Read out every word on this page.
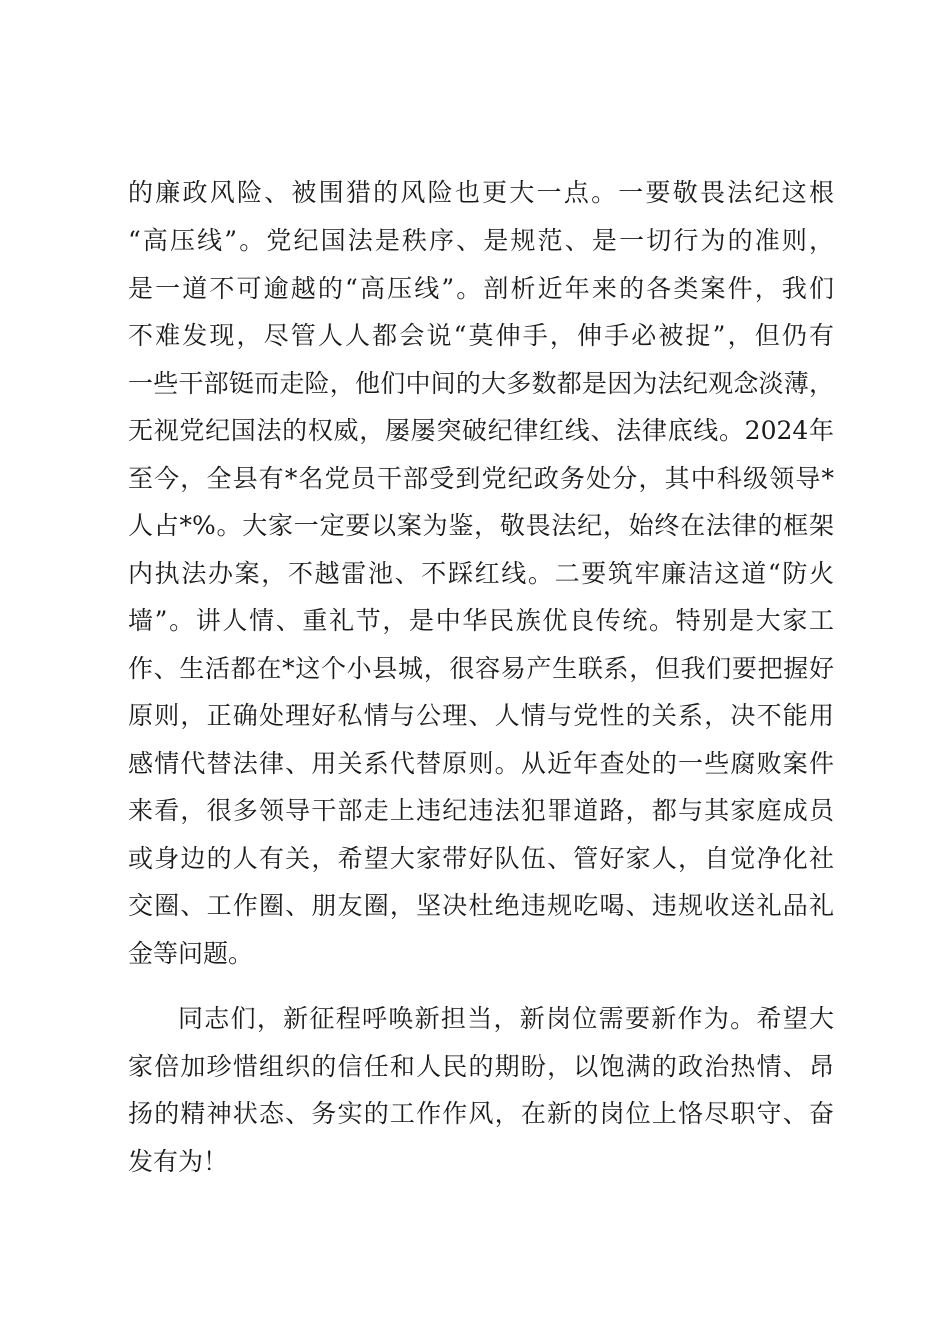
的廉政风险、被围猎的风险也更大一点。一要敬畏法纪这根
“高压线”。党纪国法是秩序、是规范、是一切行为的准则，
是一道不可逾越的“高压线”。剖析近年来的各类案件，我们
不难发现，尽管人人都会说“莫伸手，伸手必被捉”，但仍有
一些干部铤而走险，他们中间的大多数都是因为法纪观念淡薄，
无视党纪国法的权威，屡屡突破纪律红线、法律底线。2024年
至今，全县有*名党员干部受到党纪政务处分，其中科级领导*
人占*%。大家一定要以案为鉴，敬畏法纪，始终在法律的框架
内执法办案，不越雷池、不踩红线。二要筑牢廉洁这道“防火
墙”。讲人情、重礼节，是中华民族优良传统。特别是大家工
作、生活都在*这个小县城，很容易产生联系，但我们要把握好
原则，正确处理好私情与公理、人情与党性的关系，决不能用
感情代替法律、用关系代替原则。从近年查处的一些腐败案件
来看，很多领导干部走上违纪违法犯罪道路，都与其家庭成员
或身边的人有关，希望大家带好队伍、管好家人，自觉净化社
交圈、工作圈、朋友圈，坚决杜绝违规吃喝、违规收送礼品礼
金等问题。
同志们，新征程呼唤新担当，新岗位需要新作为。希望大
家倍加珍惜组织的信任和人民的期盼，以饱满的政治热情、昂
扬的精神状态、务实的工作作风，在新的岗位上恪尽职守、奋
发有为！
